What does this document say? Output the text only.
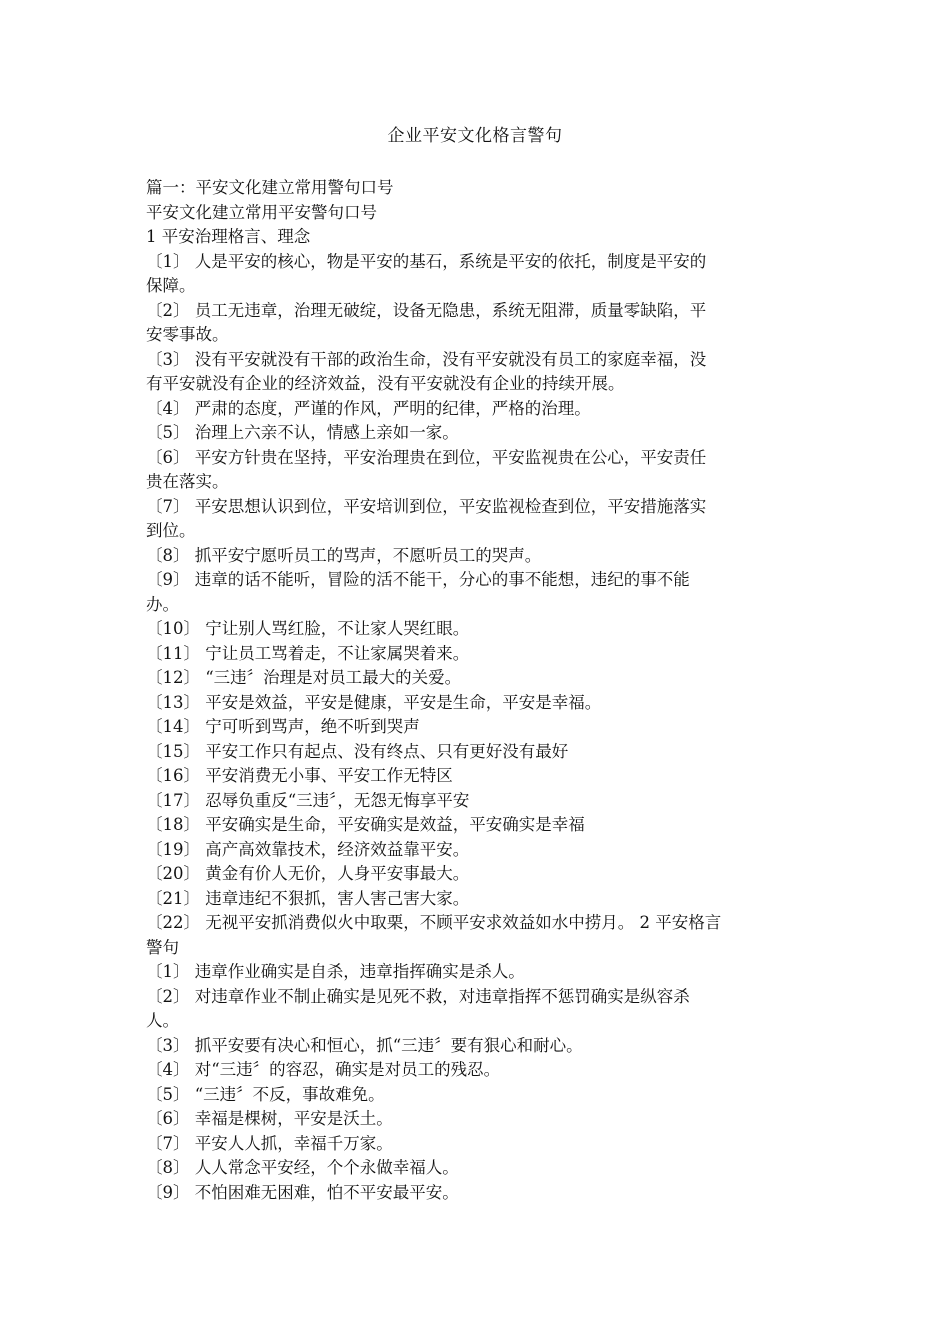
企业平安文化格言警句
篇一：平安文化建立常用警句口号
平安文化建立常用平安警句口号
1 平安治理格言、理念
〔1〕 人是平安的核心，物是平安的基石，系统是平安的依托，制度是平安的
保障。
〔2〕 员工无违章，治理无破绽，设备无隐患，系统无阻滞，质量零缺陷，平
安零事故。
〔3〕 没有平安就没有干部的政治生命，没有平安就没有员工的家庭幸福，没
有平安就没有企业的经济效益，没有平安就没有企业的持续开展。
〔4〕 严肃的态度，严谨的作风，严明的纪律，严格的治理。
〔5〕 治理上六亲不认，情感上亲如一家。
〔6〕 平安方针贵在坚持，平安治理贵在到位，平安监视贵在公心，平安责任
贵在落实。
〔7〕 平安思想认识到位，平安培训到位，平安监视检查到位，平安措施落实
到位。
〔8〕 抓平安宁愿听员工的骂声，不愿听员工的哭声。
〔9〕 违章的话不能听，冒险的活不能干，分心的事不能想，违纪的事不能
办。
〔10〕 宁让别人骂红脸，不让家人哭红眼。
〔11〕 宁让员工骂着走，不让家属哭着来。
〔12〕 “三违〞治理是对员工最大的关爱。
〔13〕 平安是效益，平安是健康，平安是生命，平安是幸福。
〔14〕 宁可听到骂声，绝不听到哭声
〔15〕 平安工作只有起点、没有终点、只有更好没有最好
〔16〕 平安消费无小事、平安工作无特区
〔17〕 忍辱负重反“三违〞，无怨无悔享平安
〔18〕 平安确实是生命，平安确实是效益，平安确实是幸福
〔19〕 高产高效靠技术，经济效益靠平安。
〔20〕 黄金有价人无价，人身平安事最大。
〔21〕 违章违纪不狠抓，害人害己害大家。
〔22〕 无视平安抓消费似火中取栗，不顾平安求效益如水中捞月。 2 平安格言
警句
〔1〕 违章作业确实是自杀，违章指挥确实是杀人。
〔2〕 对违章作业不制止确实是见死不救，对违章指挥不惩罚确实是纵容杀
人。
〔3〕 抓平安要有决心和恒心，抓“三违〞要有狠心和耐心。
〔4〕 对“三违〞的容忍，确实是对员工的残忍。
〔5〕 “三违〞不反，事故难免。
〔6〕 幸福是棵树，平安是沃土。
〔7〕 平安人人抓，幸福千万家。
〔8〕 人人常念平安经，个个永做幸福人。
〔9〕 不怕困难无困难，怕不平安最平安。
